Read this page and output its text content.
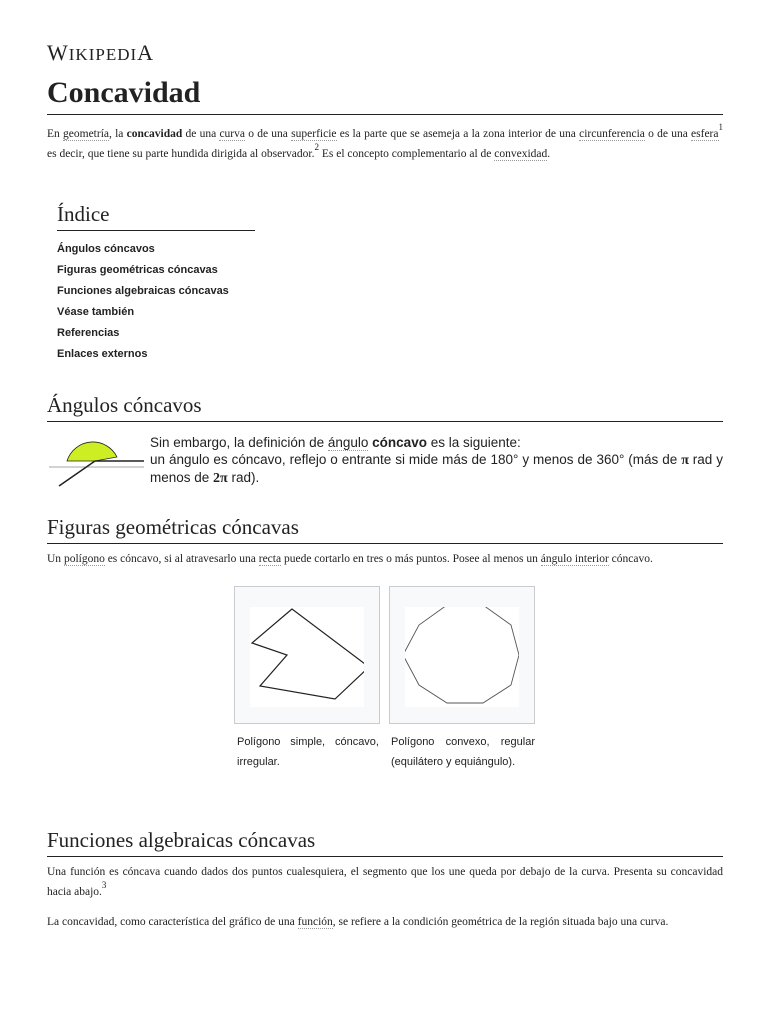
WIKIPEDIA
Concavidad
En geometría, la concavidad de una curva o de una superficie es la parte que se asemeja a la zona interior de una circunferencia o de una esfera$^1$ es decir, que tiene su parte hundida dirigida al observador.$^2$ Es el concepto complementario al de convexidad.
Índice
Ángulos cóncavos
Figuras geométricas cóncavas
Funciones algebraicas cóncavas
Véase también
Referencias
Enlaces externos
Ángulos cóncavos
Sin embargo, la definición de ángulo cóncavo es la siguiente:
un ángulo es cóncavo, reflejo o entrante si mide más de 180° y menos de 360° (más de π rad y menos de 2π rad).
Figuras geométricas cóncavas
Un polígono es cóncavo, si al atravesarlo una recta puede cortarlo en tres o más puntos. Posee al menos un ángulo interior cóncavo.
Polígono simple, cóncavo, irregular.
Polígono convexo, regular (equilátero y equiángulo).
Funciones algebraicas cóncavas
Una función es cóncava cuando dados dos puntos cualesquiera, el segmento que los une queda por debajo de la curva. Presenta su concavidad hacia abajo.$^3$
La concavidad, como característica del gráfico de una función, se refiere a la condición geométrica de la región situada bajo una curva.
